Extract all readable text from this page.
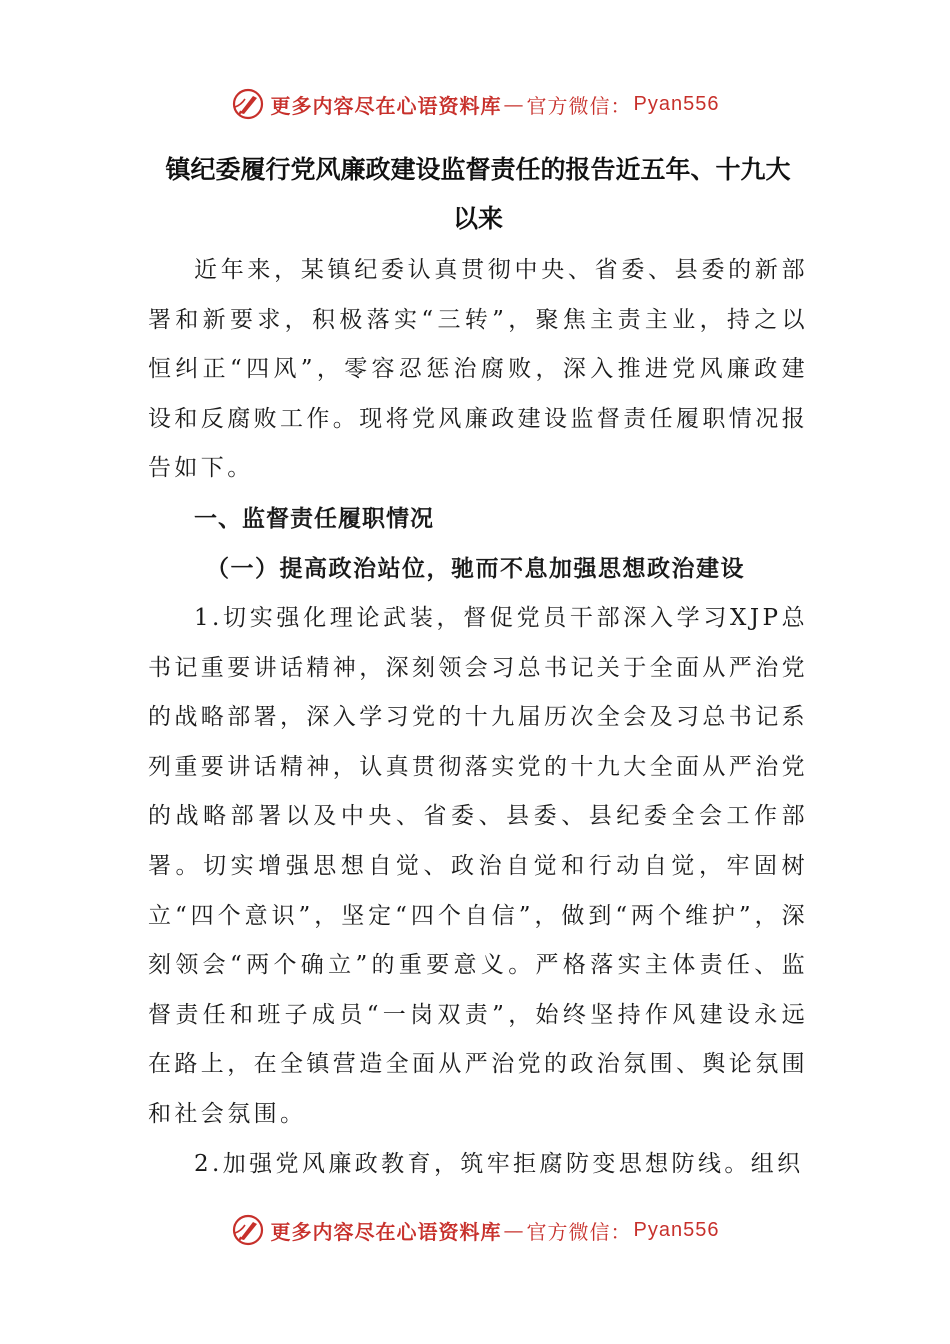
更多内容尽在心语资料库 — 官方微信： Pyan556
镇纪委履行党风廉政建设监督责任的报告近五年、十九大
以来

近年来，某镇纪委认真贯彻中央、省委、县委的新部署和新要求，积极落实“三转”，聚焦主责主业，持之以恒纠正“四风”，零容忍惩治腐败，深入推进党风廉政建设和反腐败工作。现将党风廉政建设监督责任履职情况报告如下。

一、监督责任履职情况

（一）提高政治站位，驰而不息加强思想政治建设

1.切实强化理论武装，督促党员干部深入学习XJP总书记重要讲话精神，深刻领会习总书记关于全面从严治党的战略部署，深入学习党的十九届历次全会及习总书记系列重要讲话精神，认真贯彻落实党的十九大全面从严治党的战略部署以及中央、省委、县委、县纪委全会工作部署。切实增强思想自觉、政治自觉和行动自觉，牢固树立“四个意识”，坚定“四个自信”，做到“两个维护”，深刻领会“两个确立”的重要意义。严格落实主体责任、监督责任和班子成员“一岗双责”，始终坚持作风建设永远在路上，在全镇营造全面从严治党的政治氛围、舆论氛围和社会氛围。

2.加强党风廉政教育，筑牢拒腐防变思想防线。组织

更多内容尽在心语资料库 — 官方微信： Pyan556
